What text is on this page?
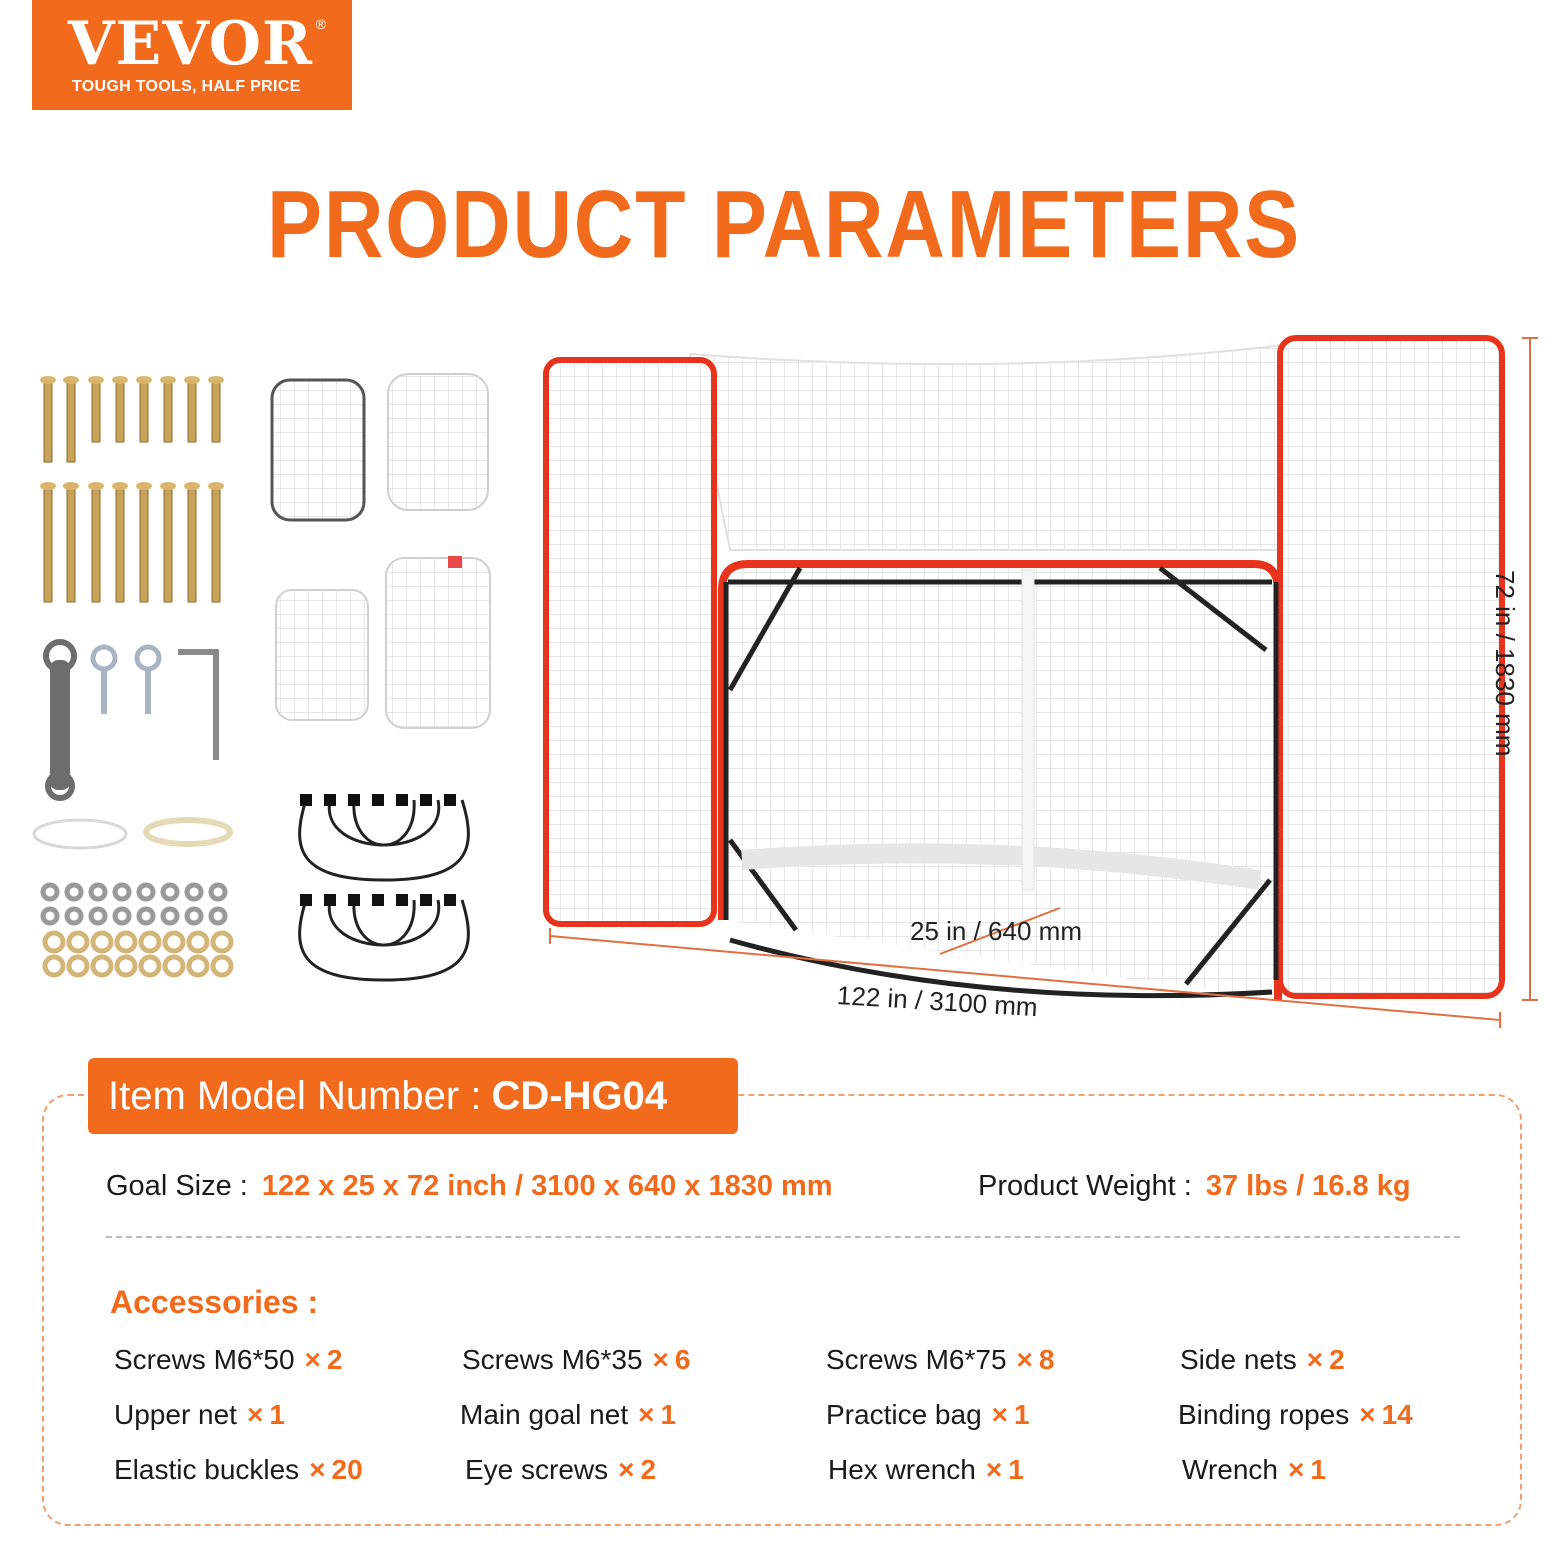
VEVOR ®
TOUGH TOOLS, HALF PRICE
PRODUCT PARAMETERS
25 in / 640 mm
122 in / 3100 mm
72 in / 1830 mm
Item Model Number : CD-HG04
Goal Size : 122 x 25 x 72 inch / 3100 x 640 x 1830 mm	Product Weight : 37 lbs / 16.8 kg
Accessories :
Screws M6*50 × 2	Screws M6*35 × 6	Screws M6*75 × 8	Side nets × 2
Upper net × 1	Main goal net × 1	Practice bag × 1	Binding ropes × 14
Elastic buckles × 20	Eye screws × 2	Hex wrench × 1	Wrench × 1
